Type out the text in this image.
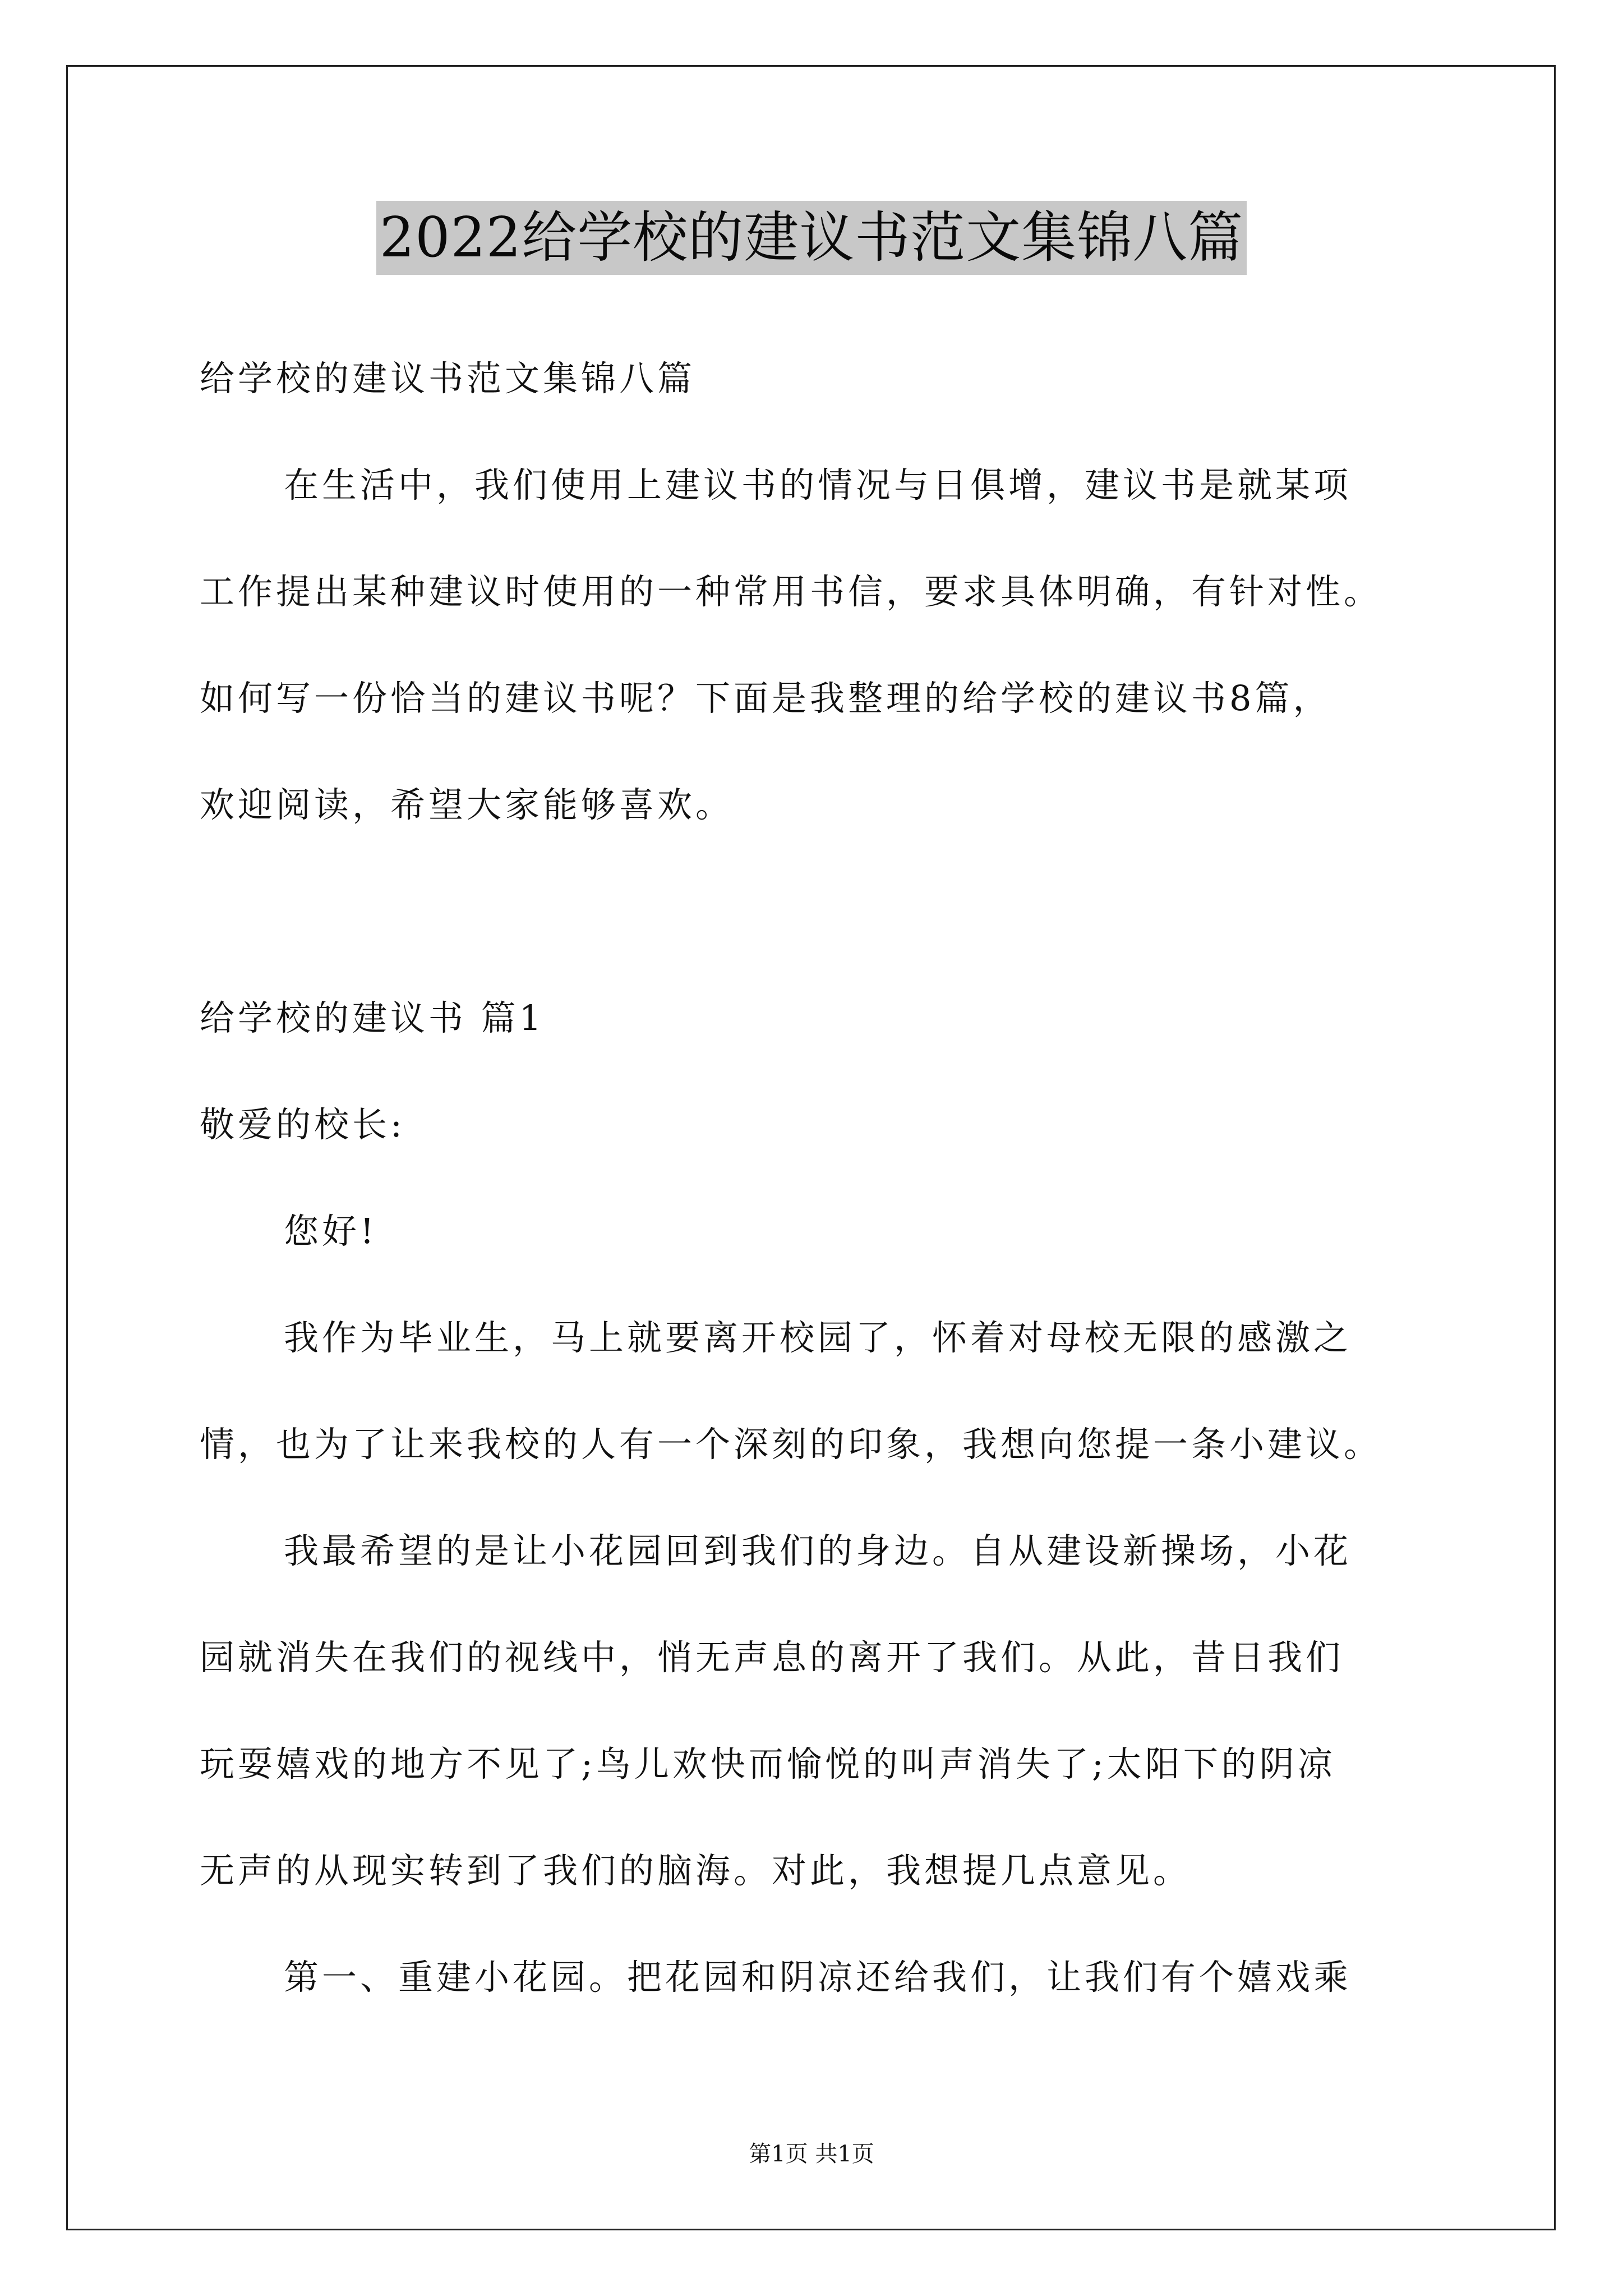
2022给学校的建议书范文集锦八篇
给学校的建议书范文集锦八篇
在生活中，我们使用上建议书的情况与日俱增，建议书是就某项
工作提出某种建议时使用的一种常用书信，要求具体明确，有针对性。
如何写一份恰当的建议书呢？下面是我整理的给学校的建议书8篇，
欢迎阅读，希望大家能够喜欢。
给学校的建议书 篇1
敬爱的校长:
您好!
我作为毕业生，马上就要离开校园了，怀着对母校无限的感激之
情，也为了让来我校的人有一个深刻的印象，我想向您提一条小建议。
我最希望的是让小花园回到我们的身边。自从建设新操场，小花
园就消失在我们的视线中，悄无声息的离开了我们。从此，昔日我们
玩耍嬉戏的地方不见了;鸟儿欢快而愉悦的叫声消失了;太阳下的阴凉
无声的从现实转到了我们的脑海。对此，我想提几点意见。
第一、重建小花园。把花园和阴凉还给我们，让我们有个嬉戏乘
第1页 共1页
